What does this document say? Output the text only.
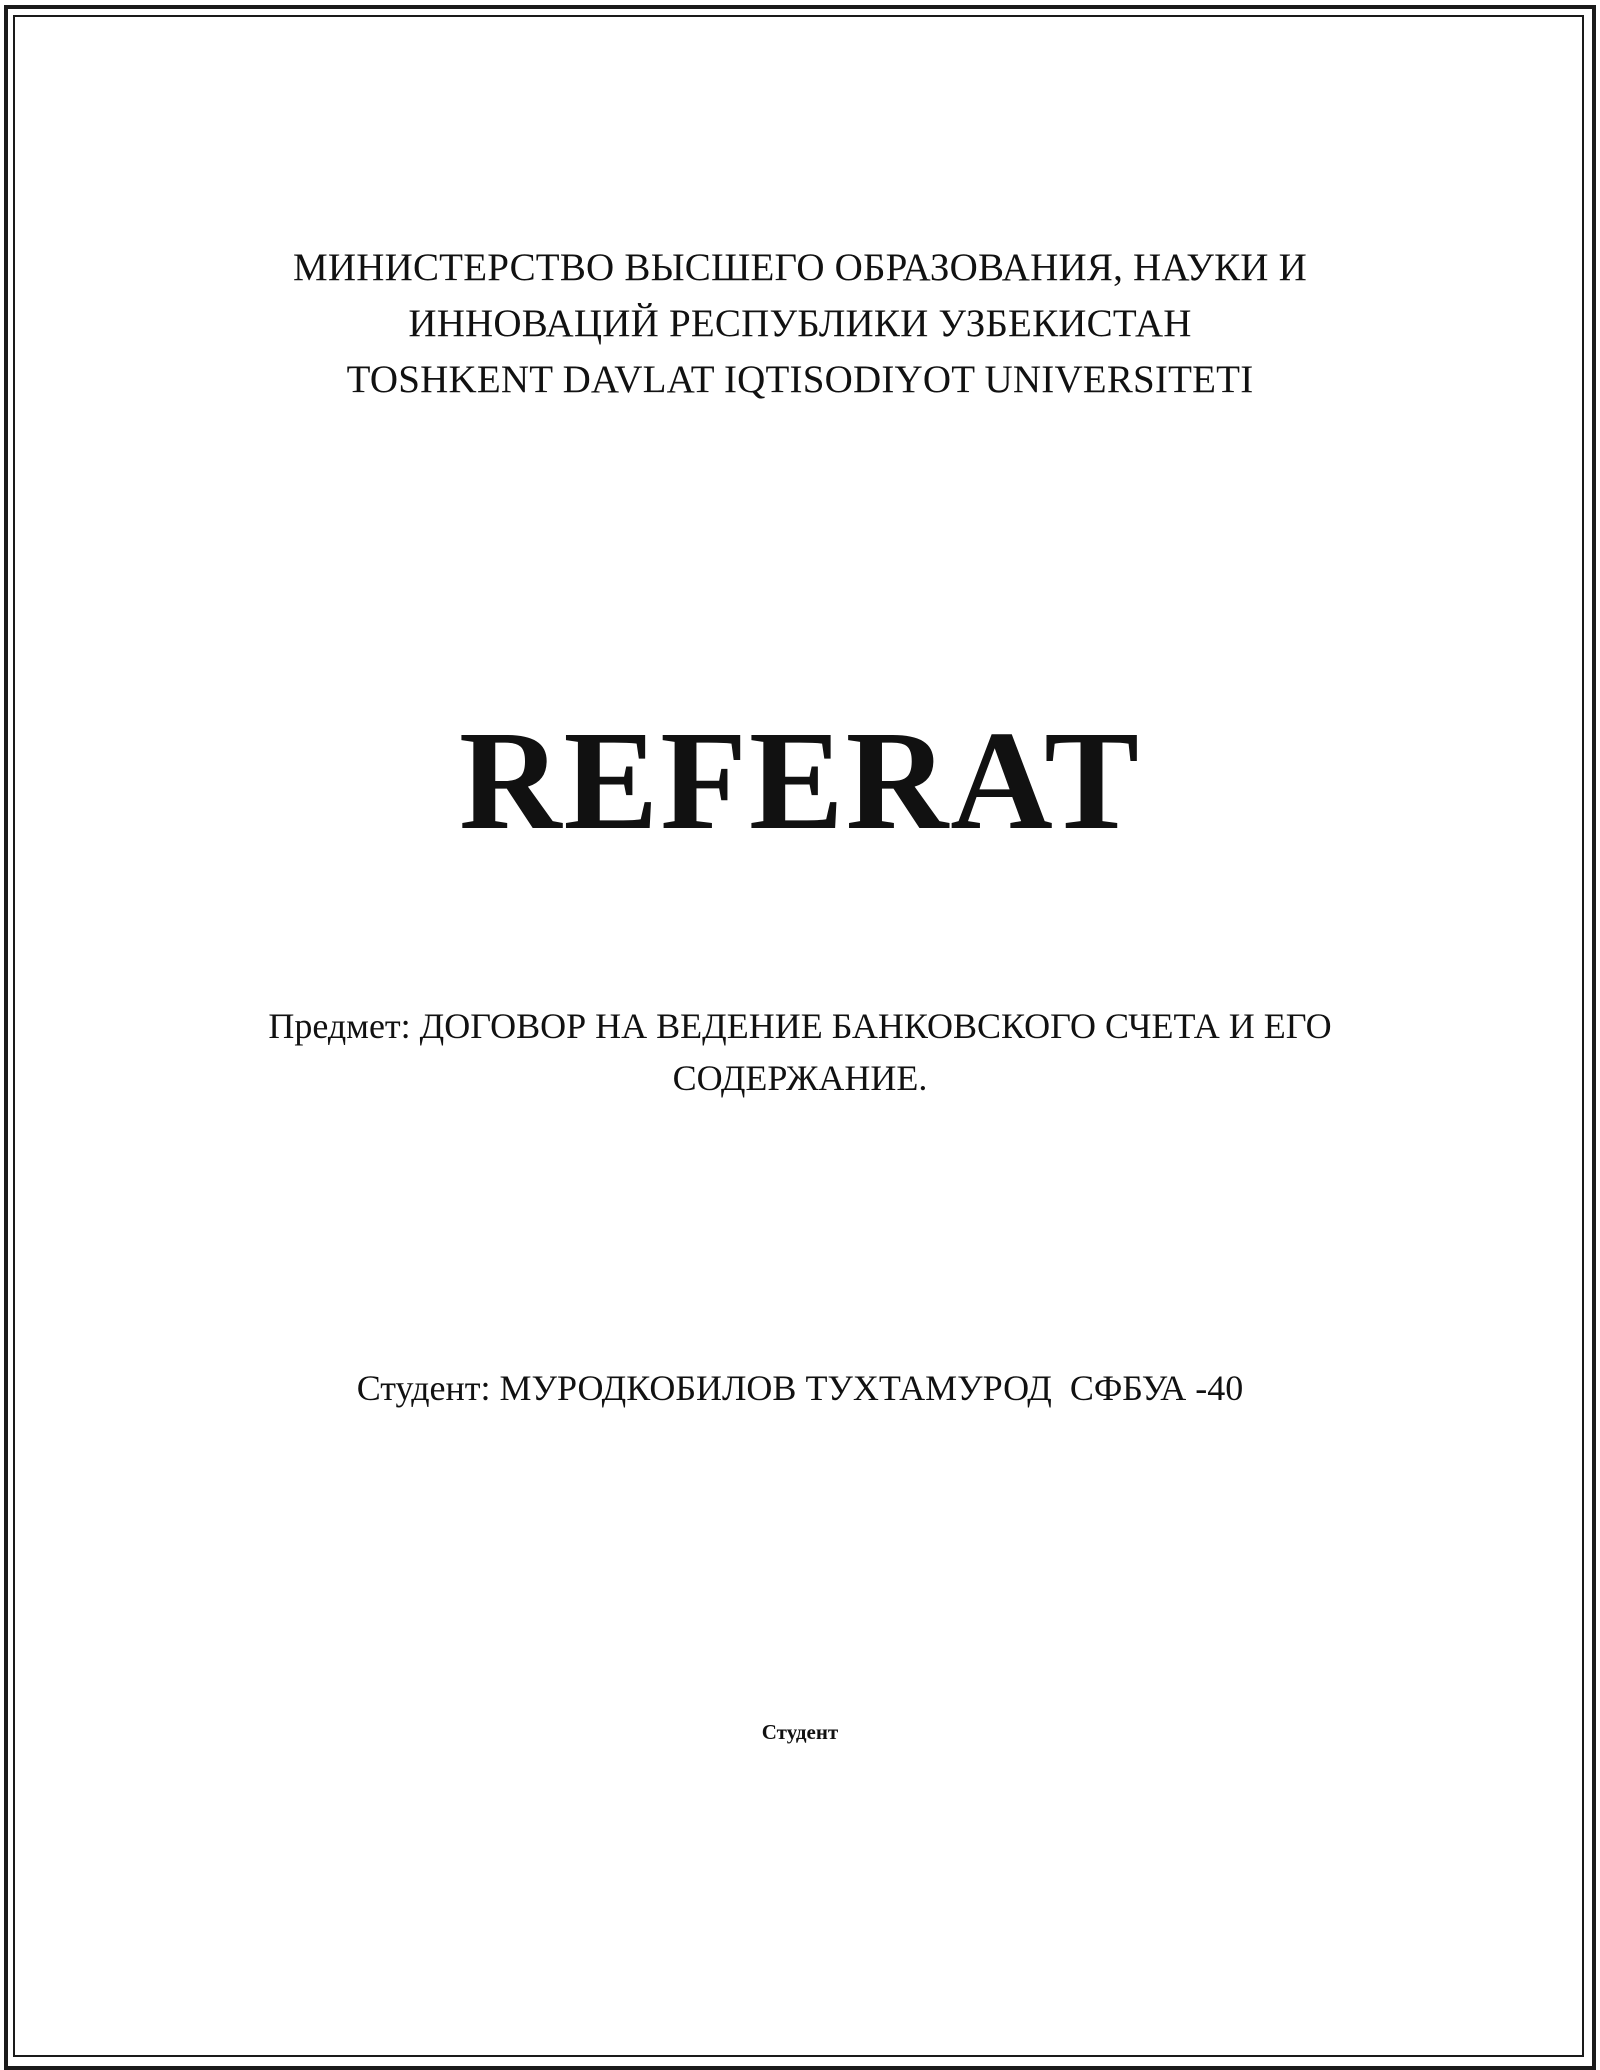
МИНИСТЕРСТВО ВЫСШЕГО ОБРАЗОВАНИЯ, НАУКИ И
ИННОВАЦИЙ РЕСПУБЛИКИ УЗБЕКИСТАН
TOSHKENT DAVLAT IQTISODIYOT UNIVERSITETI
REFERAT
Предмет: ДОГОВОР НА ВЕДЕНИЕ БАНКОВСКОГО СЧЕТА И ЕГО
СОДЕРЖАНИЕ.
Студент: МУРОДКОБИЛОВ ТУХТАМУРОД  СФБУА -40
Студент
